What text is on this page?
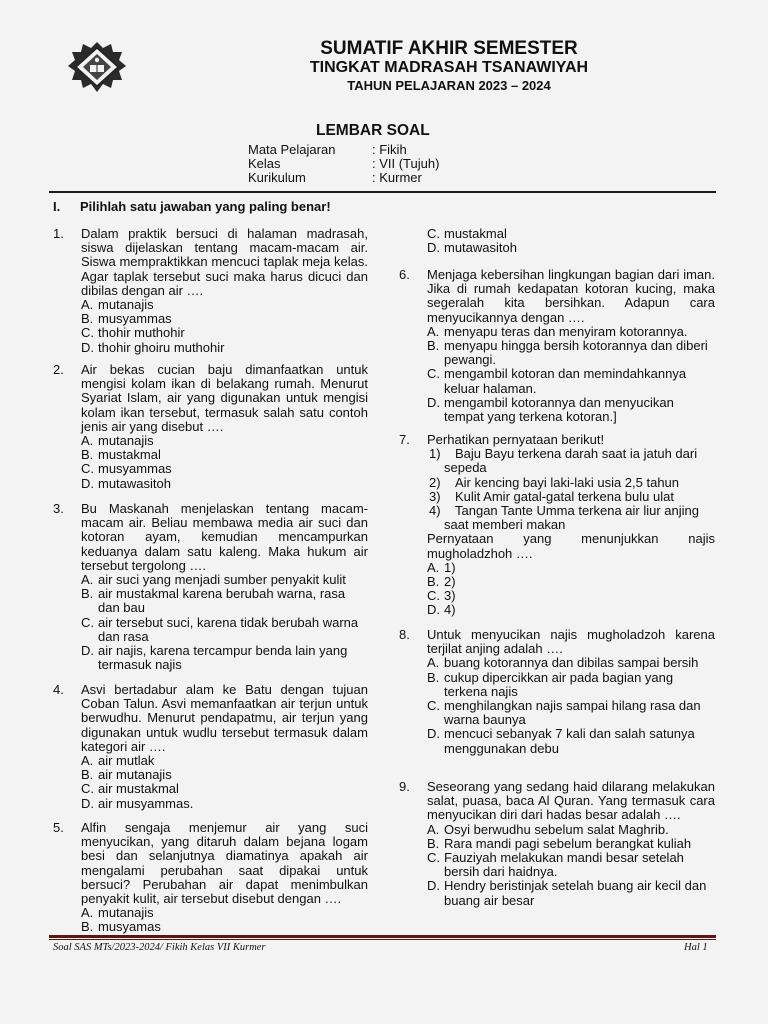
SUMATIF AKHIR SEMESTER
TINGKAT MADRASAH TSANAWIYAH
TAHUN PELAJARAN 2023 – 2024
LEMBAR SOAL
Mata Pelajaran	: Fikih
Kelas	: VII (Tujuh)
Kurikulum	: Kurmer
I. Pilihlah satu jawaban yang paling benar!
1. Dalam praktik bersuci di halaman madrasah, siswa dijelaskan tentang macam-macam air. Siswa mempraktikkan mencuci taplak meja kelas. Agar taplak tersebut suci maka harus dicuci dan dibilas dengan air ….

A. mutanajis

B. musyammas

C. thohir muthohir

D. thohir ghoiru muthohir

2. Air bekas cucian baju dimanfaatkan untuk mengisi kolam ikan di belakang rumah. Menurut Syariat Islam, air yang digunakan untuk mengisi kolam ikan tersebut, termasuk salah satu contoh jenis air yang disebut ….

A. mutanajis

B. mustakmal

C. musyammas

D. mutawasitoh

3. Bu Maskanah menjelaskan tentang macam-macam air. Beliau membawa media air suci dan kotoran ayam, kemudian mencampurkan keduanya dalam satu kaleng. Maka hukum air tersebut tergolong ….

A. air suci yang menjadi sumber penyakit kulit

B. air mustakmal karena berubah warna, rasa dan bau

C. air tersebut suci, karena tidak berubah warna dan rasa

D. air najis, karena tercampur benda lain yang termasuk najis

4. Asvi bertadabur alam ke Batu dengan tujuan Coban Talun. Asvi memanfaatkan air terjun untuk berwudhu. Menurut pendapatmu, air terjun yang digunakan untuk wudlu tersebut termasuk dalam kategori air ….

A. air mutlak

B. air mutanajis

C. air mustakmal

D. air musyammas.

5. Alfin sengaja menjemur air yang suci menyucikan, yang ditaruh dalam bejana logam besi dan selanjutnya diamatinya apakah air mengalami perubahan saat dipakai untuk bersuci? Perubahan air dapat menimbulkan penyakit kulit, air tersebut disebut dengan ….

A. mutanajis

B. musyamas

C. mustakmal

D. mutawasitoh

6. Menjaga kebersihan lingkungan bagian dari iman. Jika di rumah kedapatan kotoran kucing, maka segeralah kita bersihkan. Adapun cara menyucikannya dengan ….

A. menyapu teras dan menyiram kotorannya.

B. menyapu hingga bersih kotorannya dan diberi pewangi.

C. mengambil kotoran dan memindahkannya keluar halaman.

D. mengambil kotorannya dan menyucikan tempat yang terkena kotoran.]

7. Perhatikan pernyataan berikut!

1) Baju Bayu terkena darah saat ia jatuh dari

sepeda

2) Air kencing bayi laki-laki usia 2,5 tahun

3) Kulit Amir gatal-gatal terkena bulu ulat

4) Tangan Tante Umma terkena air liur anjing

saat memberi makan

Pernyataan yang menunjukkan najis mugholadzhoh ….

A. 1)

B. 2)

C. 3)

D. 4)

8. Untuk menyucikan najis mugholadzoh karena terjilat anjing adalah ….

A. buang kotorannya dan dibilas sampai bersih

B. cukup dipercikkan air pada bagian yang terkena najis

C. menghilangkan najis sampai hilang rasa dan warna baunya

D. mencuci sebanyak 7 kali dan salah satunya menggunakan debu

9. Seseorang yang sedang haid dilarang melakukan salat, puasa, baca Al Quran. Yang termasuk cara menyucikan diri dari hadas besar adalah ….

A. Osyi berwudhu sebelum salat Maghrib.

B. Rara mandi pagi sebelum berangkat kuliah

C. Fauziyah melakukan mandi besar setelah bersih dari haidnya.

D. Hendry beristinjak setelah buang air kecil dan buang air besar

Soal SAS MTs/2023-2024/ Fikih Kelas VII Kurmer	Hal 1
